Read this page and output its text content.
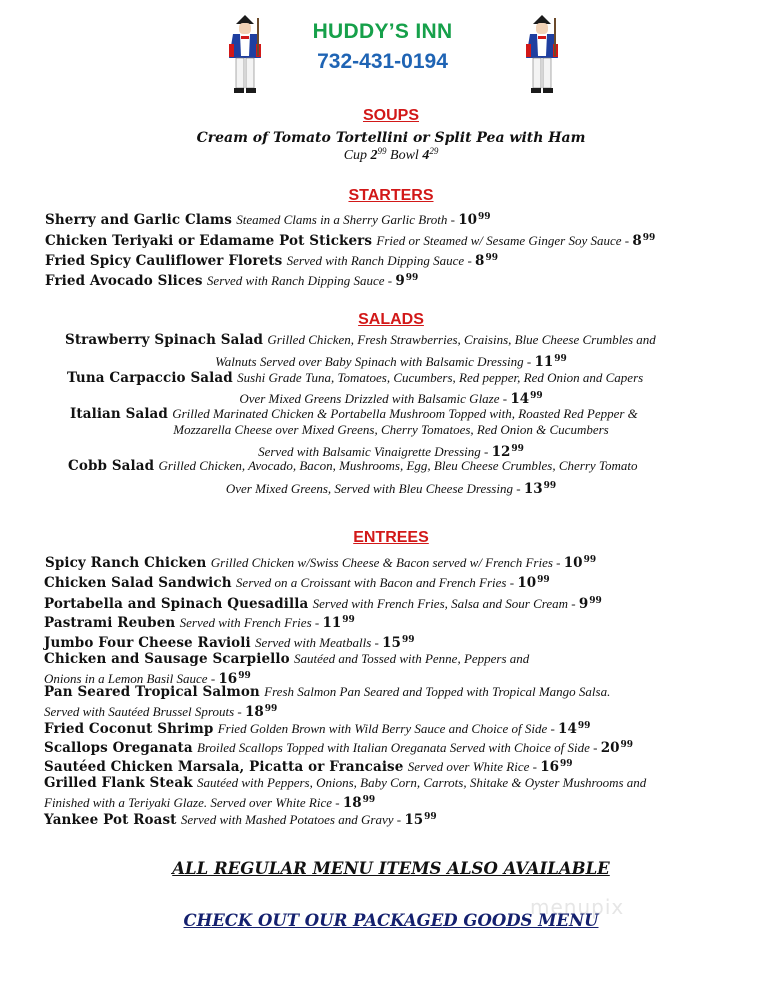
HUDDY’S INN
732-431-0194
SOUPS
Cream of Tomato Tortellini or Split Pea with Ham
Cup $2^{99}$ Bowl $4^{29}$
STARTERS
Sherry and Garlic Clams Steamed Clams in a Sherry Garlic Broth - $10^{99}$
Chicken Teriyaki or Edamame Pot Stickers Fried or Steamed w/ Sesame Ginger Soy Sauce - $8^{99}$
Fried Spicy Cauliflower Florets Served with Ranch Dipping Sauce - $8^{99}$
Fried Avocado Slices Served with Ranch Dipping Sauce - $9^{99}$
SALADS
Strawberry Spinach Salad Grilled Chicken, Fresh Strawberries, Craisins, Blue Cheese Crumbles and
Walnuts Served over Baby Spinach with Balsamic Dressing - $11^{99}$
Tuna Carpaccio Salad Sushi Grade Tuna, Tomatoes, Cucumbers, Red pepper, Red Onion and Capers
Over Mixed Greens Drizzled with Balsamic Glaze - $14^{99}$
Italian Salad Grilled Marinated Chicken & Portabella Mushroom Topped with, Roasted Red Pepper &
Mozzarella Cheese over Mixed Greens, Cherry Tomatoes, Red Onion & Cucumbers
Served with Balsamic Vinaigrette Dressing - $12^{99}$
Cobb Salad Grilled Chicken, Avocado, Bacon, Mushrooms, Egg, Bleu Cheese Crumbles, Cherry Tomato
Over Mixed Greens, Served with Bleu Cheese Dressing - $13^{99}$
ENTREES
Spicy Ranch Chicken Grilled Chicken w/Swiss Cheese & Bacon served w/ French Fries - $10^{99}$
Chicken Salad Sandwich Served on a Croissant with Bacon and French Fries - $10^{99}$
Portabella and Spinach Quesadilla Served with French Fries, Salsa and Sour Cream - $9^{99}$
Pastrami Reuben Served with French Fries - $11^{99}$
Jumbo Four Cheese Ravioli Served with Meatballs - $15^{99}$
Chicken and Sausage Scarpiello Sautéed and Tossed with Penne, Peppers and
Onions in a Lemon Basil Sauce - $16^{99}$
Pan Seared Tropical Salmon Fresh Salmon Pan Seared and Topped with Tropical Mango Salsa.
Served with Sautéed Brussel Sprouts - $18^{99}$
Fried Coconut Shrimp Fried Golden Brown with Wild Berry Sauce and Choice of Side - $14^{99}$
Scallops Oreganata Broiled Scallops Topped with Italian Oreganata Served with Choice of Side - $20^{99}$
Sautéed Chicken Marsala, Picatta or Francaise Served over White Rice - $16^{99}$
Grilled Flank Steak Sautéed with Peppers, Onions, Baby Corn, Carrots, Shitake & Oyster Mushrooms and
Finished with a Teriyaki Glaze. Served over White Rice - $18^{99}$
Yankee Pot Roast Served with Mashed Potatoes and Gravy - $15^{99}$
ALL REGULAR MENU ITEMS ALSO AVAILABLE
menupix
CHECK OUT OUR PACKAGED GOODS MENU
